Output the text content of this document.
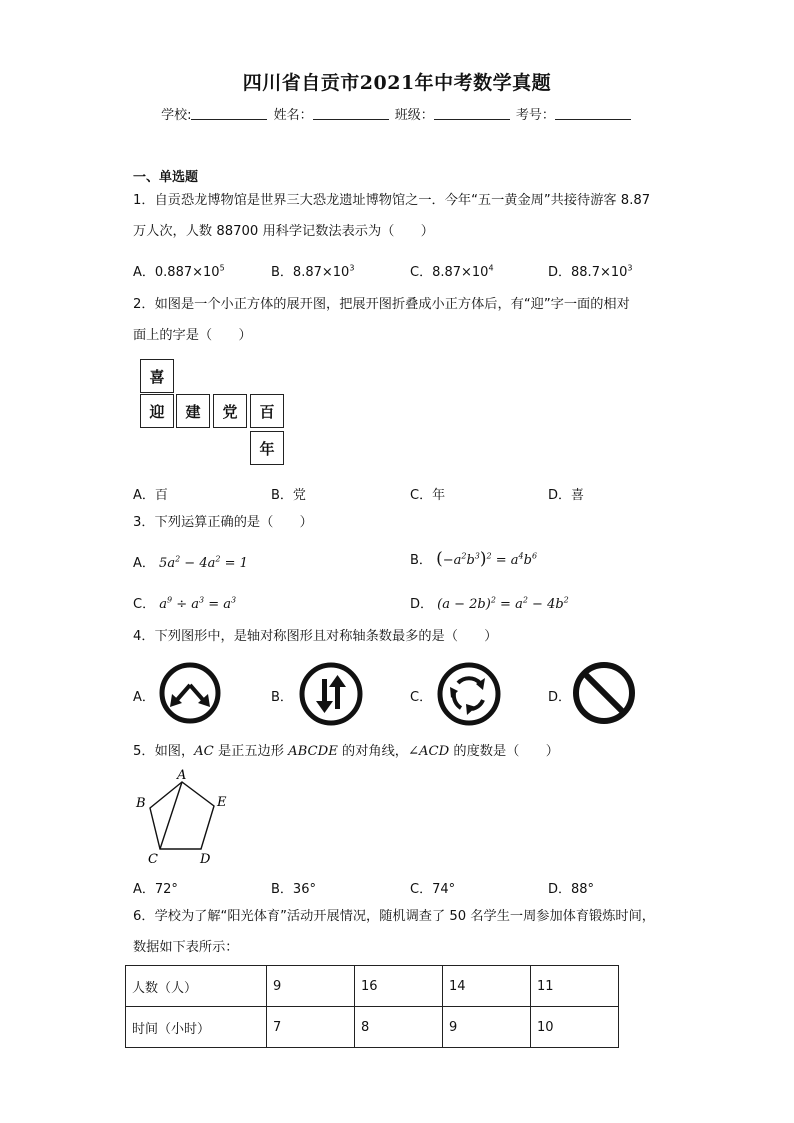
四川省自贡市2021年中考数学真题
学校:	姓名：	班级：	考号：
一、单选题
1．自贡恐龙博物馆是世界三大恐龙遗址博物馆之一．今年“五一黄金周”共接待游客 8.87
万人次，人数 88700 用科学记数法表示为（　　）
A．$0.887\times 10^5$	B．$8.87\times 10^3$	C．$8.87\times 10^4$	D．$88.7\times 10^3$
2．如图是一个小正方体的展开图，把展开图折叠成小正方体后，有“迎”字一面的相对
面上的字是（　　）
喜
迎	建	党	百
年
A．百	B．党	C．年	D．喜
3．下列运算正确的是（　　）
A． $5a^2 - 4a^2 = 1$	B． $(-a^2b^3)^2 = a^4b^6$
C． $a^9 \div a^3 = a^3$	D． $(a - 2b)^2 = a^2 - 4b^2$
4．下列图形中，是轴对称图形且对称轴条数最多的是（　　）
A．	B．	C．	D．
5．如图，AC 是正五边形 ABCDE 的对角线，∠ACD 的度数是（　　）
A
B
C	D
E
A．72°	B．36°	C．74°	D．88°
6．学校为了解“阳光体育”活动开展情况，随机调查了 50 名学生一周参加体育锻炼时间，
数据如下表所示：
人数（人）	9	16	14	11
时间（小时）	7	8	9	10
